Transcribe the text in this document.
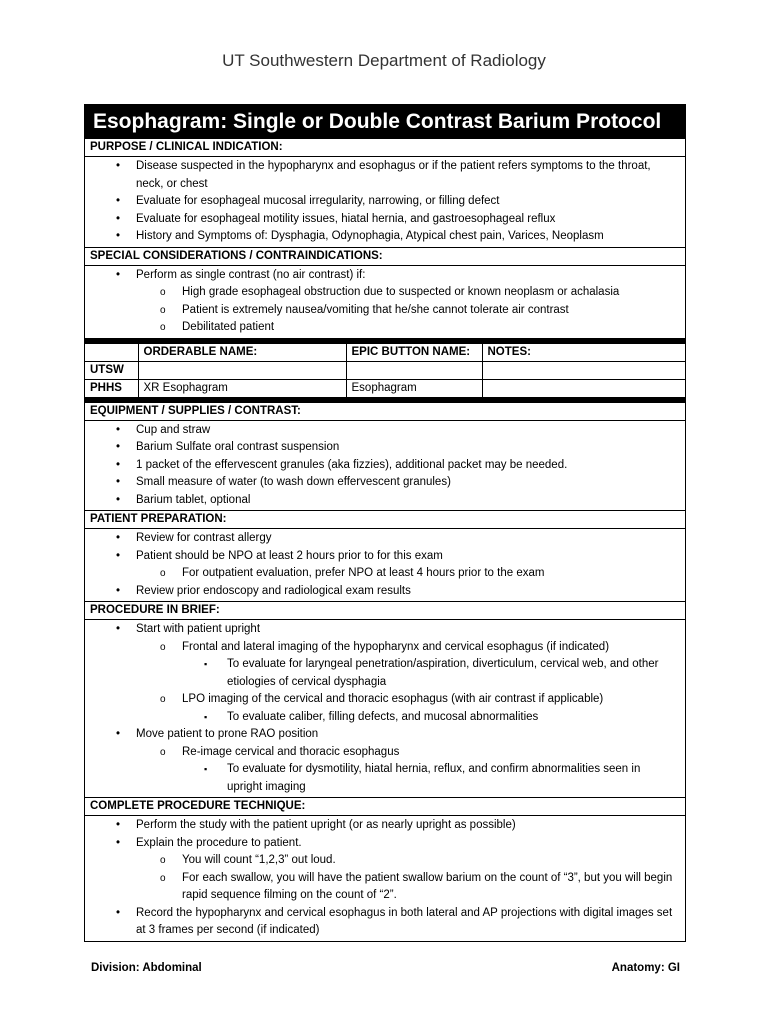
UT Southwestern Department of Radiology
Esophagram: Single or Double Contrast Barium Protocol
PURPOSE / CLINICAL INDICATION:
• Disease suspected in the hypopharynx and esophagus or if the patient refers symptoms to the throat, neck, or chest
• Evaluate for esophageal mucosal irregularity, narrowing, or filling defect
• Evaluate for esophageal motility issues, hiatal hernia, and gastroesophageal reflux
• History and Symptoms of: Dysphagia, Odynophagia, Atypical chest pain, Varices, Neoplasm
SPECIAL CONSIDERATIONS / CONTRAINDICATIONS:
• Perform as single contrast (no air contrast) if:
o High grade esophageal obstruction due to suspected or known neoplasm or achalasia
o Patient is extremely nausea/vomiting that he/she cannot tolerate air contrast
o Debilitated patient
	ORDERABLE NAME:	EPIC BUTTON NAME:	NOTES:
UTSW			
PHHS	XR Esophagram	Esophagram	
EQUIPMENT / SUPPLIES / CONTRAST:
• Cup and straw
• Barium Sulfate oral contrast suspension
• 1 packet of the effervescent granules (aka fizzies), additional packet may be needed.
• Small measure of water (to wash down effervescent granules)
• Barium tablet, optional
PATIENT PREPARATION:
• Review for contrast allergy
• Patient should be NPO at least 2 hours prior to for this exam
o For outpatient evaluation, prefer NPO at least 4 hours prior to the exam
• Review prior endoscopy and radiological exam results
PROCEDURE IN BRIEF:
• Start with patient upright
o Frontal and lateral imaging of the hypopharynx and cervical esophagus (if indicated)
▪ To evaluate for laryngeal penetration/aspiration, diverticulum, cervical web, and other etiologies of cervical dysphagia
o LPO imaging of the cervical and thoracic esophagus (with air contrast if applicable)
▪ To evaluate caliber, filling defects, and mucosal abnormalities
• Move patient to prone RAO position
o Re-image cervical and thoracic esophagus
▪ To evaluate for dysmotility, hiatal hernia, reflux, and confirm abnormalities seen in upright imaging
COMPLETE PROCEDURE TECHNIQUE:
• Perform the study with the patient upright (or as nearly upright as possible)
• Explain the procedure to patient.
o You will count “1,2,3” out loud.
o For each swallow, you will have the patient swallow barium on the count of “3”, but you will begin rapid sequence filming on the count of “2”.
• Record the hypopharynx and cervical esophagus in both lateral and AP projections with digital images set at 3 frames per second (if indicated)
Division: Abdominal	Anatomy: GI
